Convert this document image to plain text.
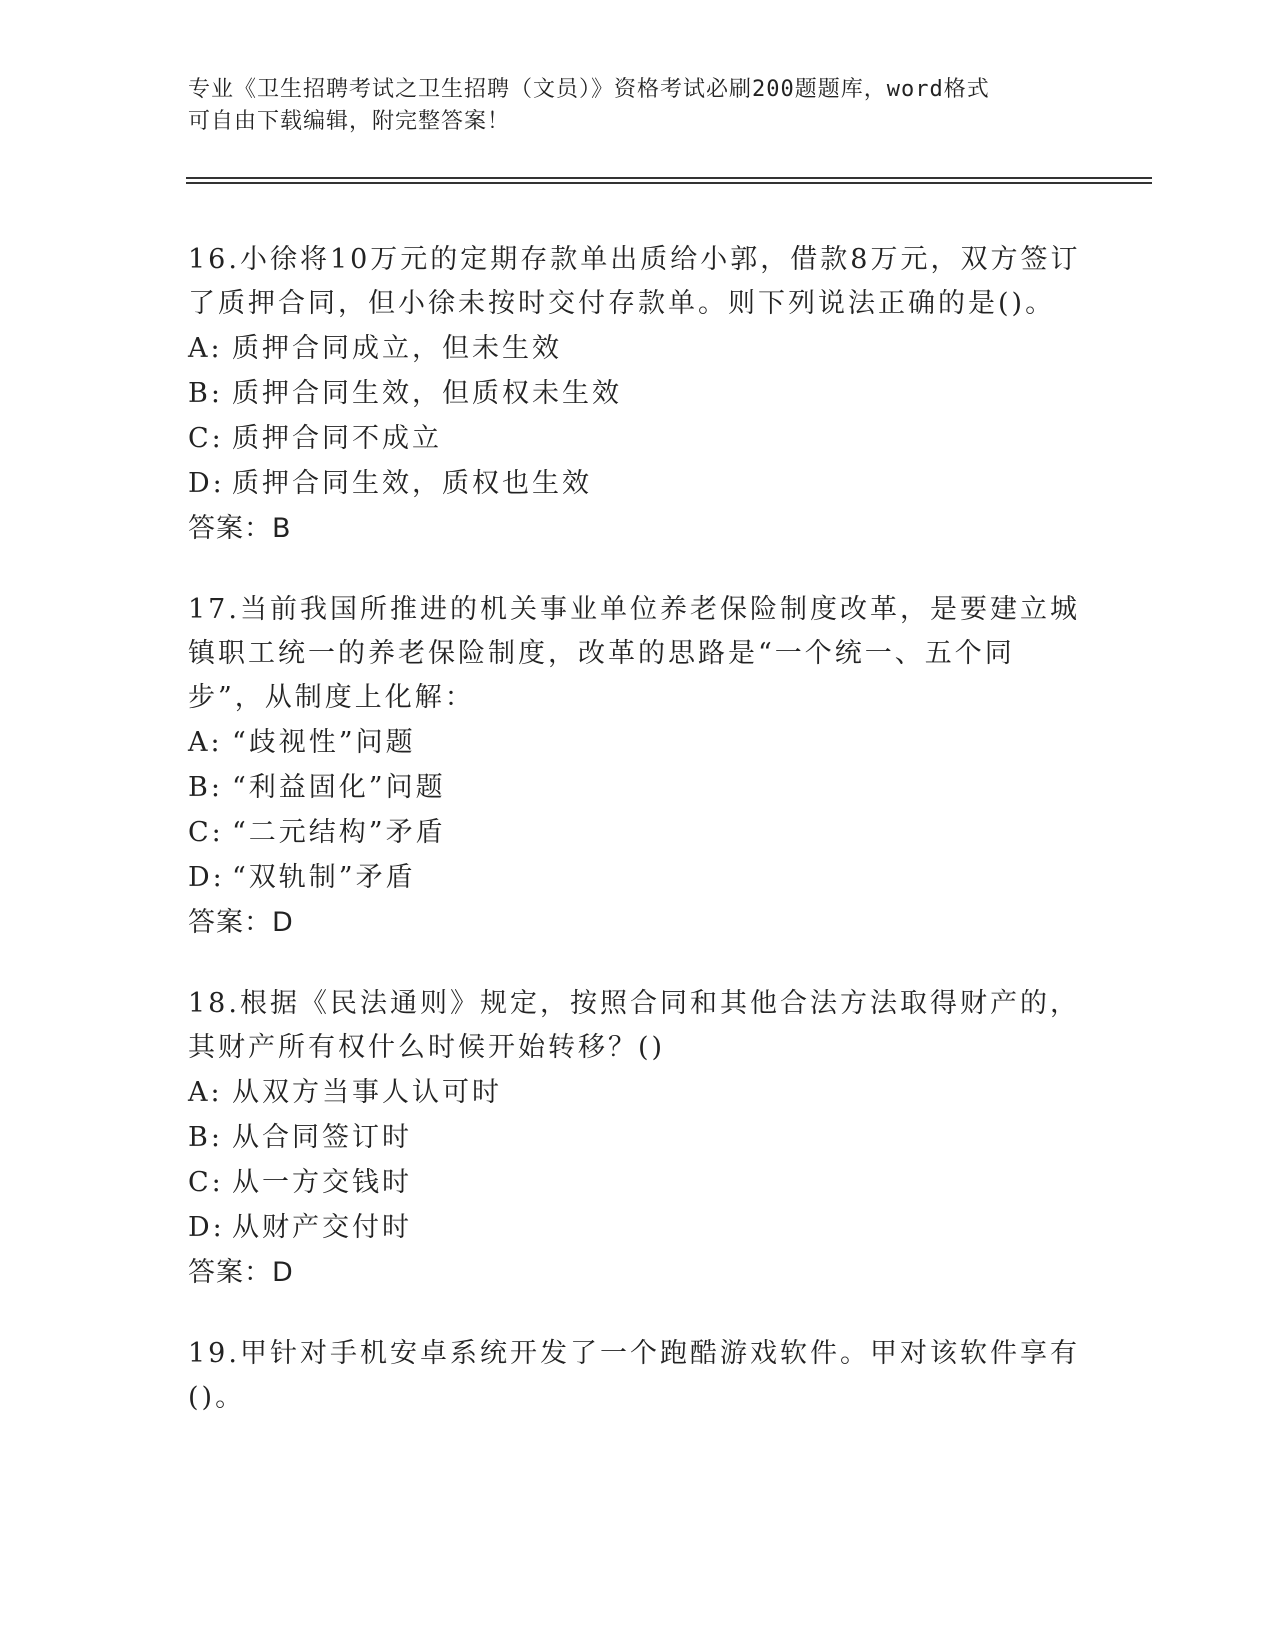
专业《卫生招聘考试之卫生招聘（文员）》资格考试必刷200题题库，word格式
可自由下载编辑，附完整答案！
16.小徐将10万元的定期存款单出质给小郭，借款8万元，双方签订了质押合同，但小徐未按时交付存款单。则下列说法正确的是()。
A: 质押合同成立，但未生效
B: 质押合同生效，但质权未生效
C: 质押合同不成立
D: 质押合同生效，质权也生效
答案：B
17.当前我国所推进的机关事业单位养老保险制度改革，是要建立城镇职工统一的养老保险制度，改革的思路是“一个统一、五个同步”，从制度上化解：
A: “歧视性”问题
B: “利益固化”问题
C: “二元结构”矛盾
D: “双轨制”矛盾
答案：D
18.根据《民法通则》规定，按照合同和其他合法方法取得财产的，其财产所有权什么时候开始转移？()
A: 从双方当事人认可时
B: 从合同签订时
C: 从一方交钱时
D: 从财产交付时
答案：D
19.甲针对手机安卓系统开发了一个跑酷游戏软件。甲对该软件享有()。
